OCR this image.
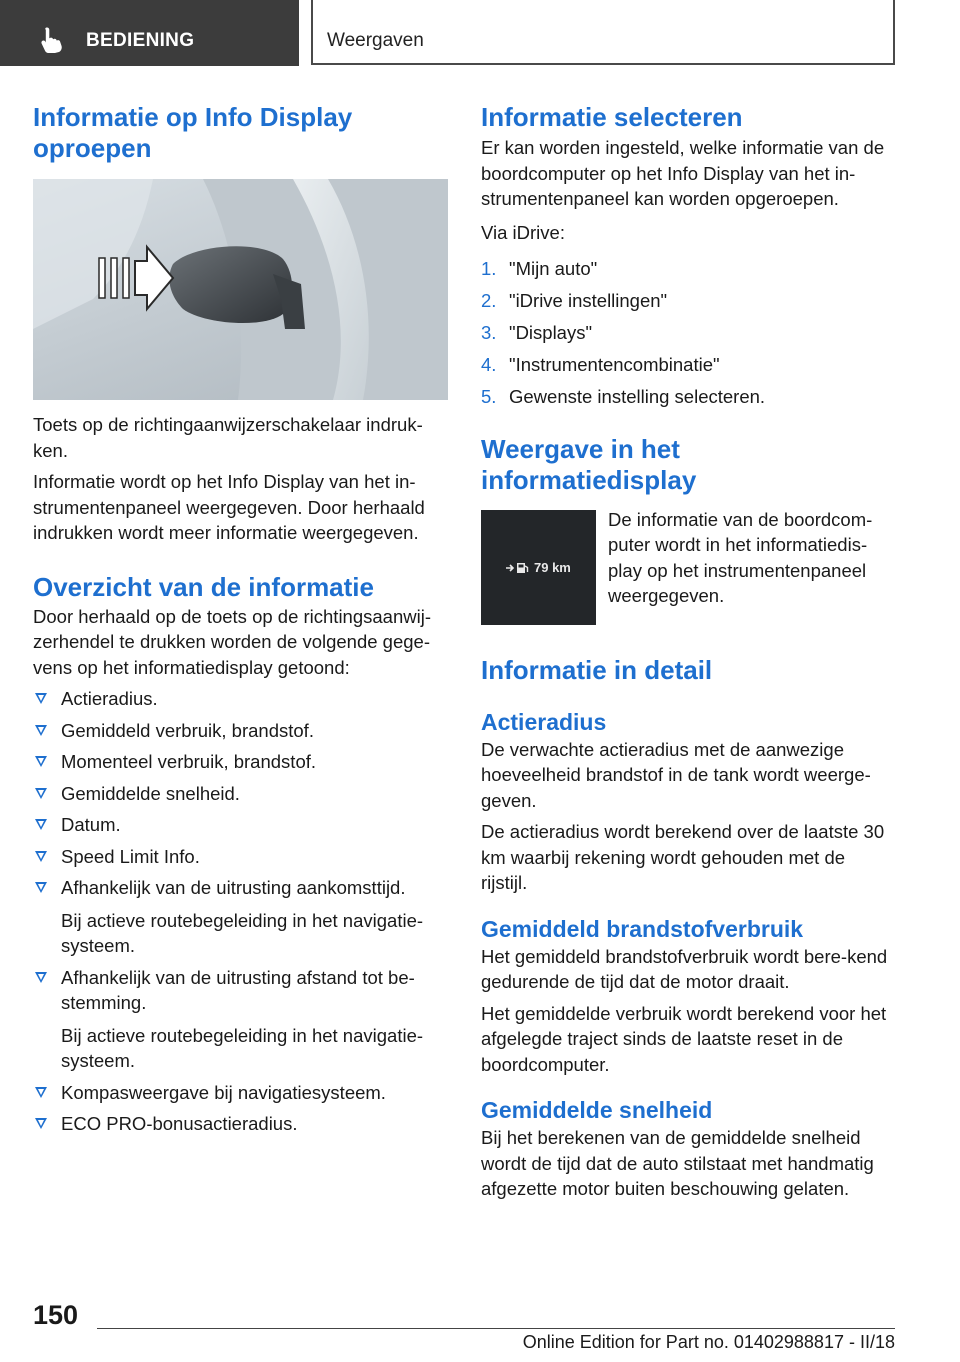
BEDIENING	Weergaven
Informatie op Info Display oproepen

Toets op de richtingaanwijzerschakelaar indruk-ken.

Informatie wordt op het Info Display van het in-strumentenpaneel weergegeven. Door herhaald indrukken wordt meer informatie weergegeven.

Overzicht van de informatie

Door herhaald op de toets op de richtingsaanwij-zerhendel te drukken worden de volgende gege-vens op het informatiedisplay getoond:

Actieradius.
Gemiddeld verbruik, brandstof.
Momenteel verbruik, brandstof.
Gemiddelde snelheid.
Datum.
Speed Limit Info.
Afhankelijk van de uitrusting aankomsttijd.
Bij actieve routebegeleiding in het navigatie-systeem.
Afhankelijk van de uitrusting afstand tot be-stemming.
Bij actieve routebegeleiding in het navigatie-systeem.
Kompasweergave bij navigatiesysteem.
ECO PRO-bonusactieradius.
Informatie selecteren

Er kan worden ingesteld, welke informatie van de boordcomputer op het Info Display van het in-strumentenpaneel kan worden opgeroepen.

Via iDrive:

1. "Mijn auto"
2. "iDrive instellingen"
3. "Displays"
4. "Instrumentencombinatie"
5. Gewenste instelling selecteren.
Weergave in het informatiedisplay
79 km

De informatie van de boordcom-puter wordt in het informatiedis-play op het instrumentenpaneel weergegeven.

Informatie in detail
Actieradius

De verwachte actieradius met de aanwezige hoeveelheid brandstof in de tank wordt weerge-geven.

De actieradius wordt berekend over de laatste 30 km waarbij rekening wordt gehouden met de rijstijl.

Gemiddeld brandstofverbruik

Het gemiddeld brandstofverbruik wordt bere-kend gedurende de tijd dat de motor draait.

Het gemiddelde verbruik wordt berekend voor het afgelegde traject sinds de laatste reset in de boordcomputer.

Gemiddelde snelheid

Bij het berekenen van de gemiddelde snelheid wordt de tijd dat de auto stilstaat met handmatig afgezette motor buiten beschouwing gelaten.

150
Online Edition for Part no. 01402988817 - II/18
